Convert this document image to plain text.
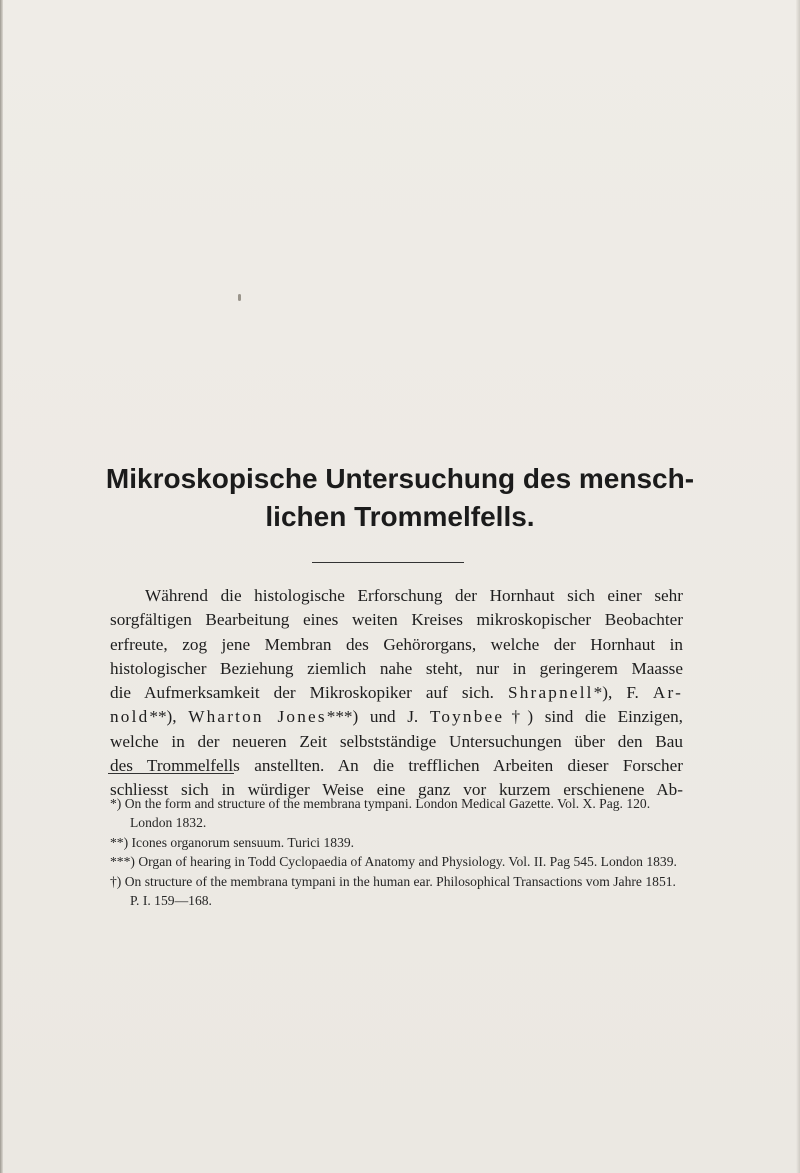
Mikroskopische Untersuchung des mensch-
lichen Trommelfells.
Während die histologische Erforschung der Hornhaut sich einer sehr
sorgfältigen Bearbeitung eines weiten Kreises mikroskopischer Beobachter
erfreute, zog jene Membran des Gehörorgans, welche der Hornhaut in
histologischer Beziehung ziemlich nahe steht, nur in geringerem Maasse
die Aufmerksamkeit der Mikroskopiker auf sich. Shrapnell*), F. Ar-
nold**), Wharton Jones***) und J. Toynbee†) sind die Einzigen,
welche in der neueren Zeit selbstständige Untersuchungen über den Bau
des Trommelfells anstellten. An die trefflichen Arbeiten dieser Forscher
schliesst sich in würdiger Weise eine ganz vor kurzem erschienene Ab-

*) On the form and structure of the membrana tympani. London Medical Gazette. Vol. X. Pag. 120. London 1832.

**) Icones organorum sensuum. Turici 1839.

***) Organ of hearing in Todd Cyclopaedia of Anatomy and Physiology. Vol. II. Pag 545. London 1839.

†) On structure of the membrana tympani in the human ear. Philosophical Transactions vom Jahre 1851. P. I. 159—168.
